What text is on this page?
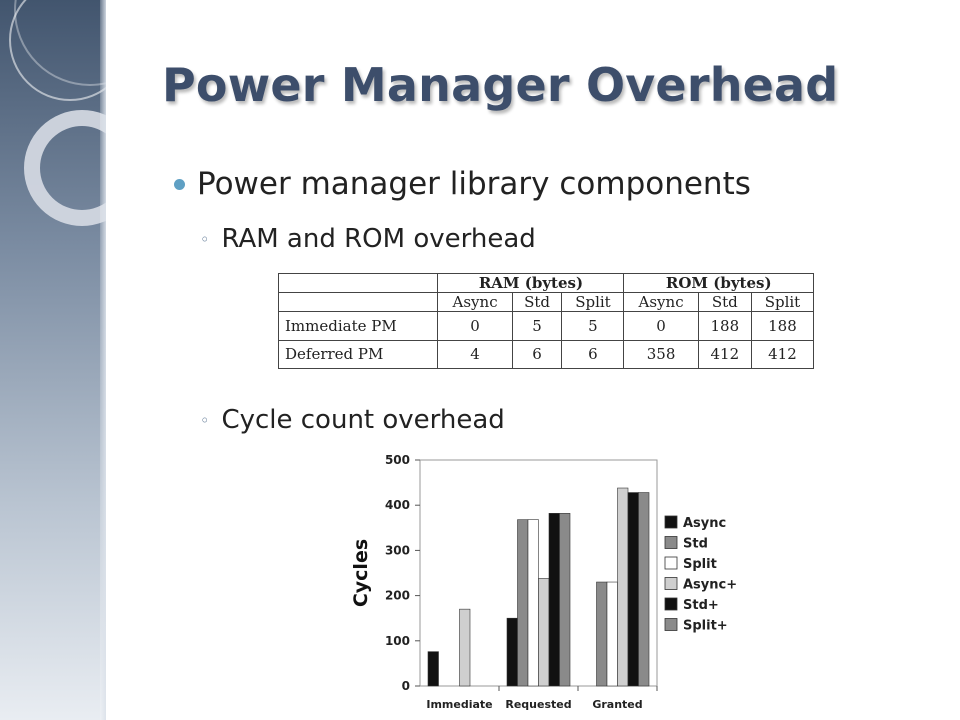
Power Manager Overhead
Power manager library components
◦ RAM and ROM overhead
	RAM (bytes)			ROM (bytes)		
	Async	Std	Split	Async	Std	Split
Immediate PM	0	5	5	0	188	188
Deferred PM	4	6	6	358	412	412
◦ Cycle count overhead
0
100
200
300
400
500
Cycles
Immediate Requested Granted
Async
Std
Split
Async+
Std+
Split+
